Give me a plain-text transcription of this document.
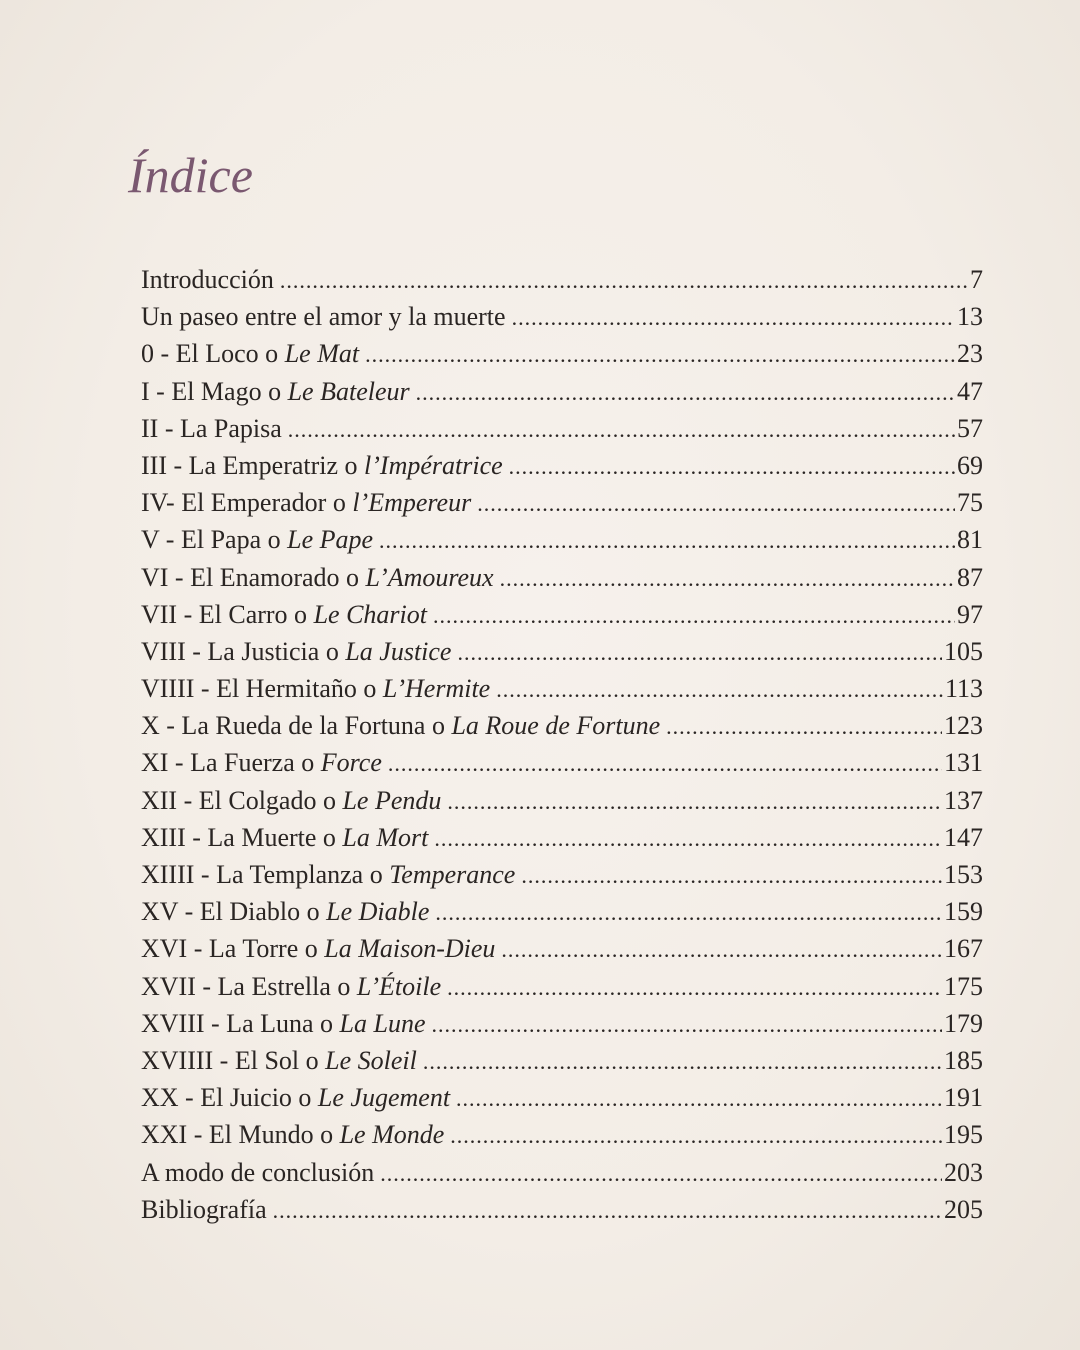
Índice
Introducción .....	7
Un paseo entre el amor y la muerte .....	13
0 - El Loco o Le Mat .....	23
I - El Mago o Le Bateleur .....	47
II - La Papisa .....	57
III - La Emperatriz o l’Impératrice .....	69
IV- El Emperador o l’Empereur .....	75
V - El Papa o Le Pape .....	81
VI - El Enamorado o L’Amoureux .....	87
VII - El Carro o Le Chariot .....	97
VIII - La Justicia o La Justice .....	105
VIIII - El Hermitaño o L’Hermite .....	113
X - La Rueda de la Fortuna o La Roue de Fortune .....	123
XI - La Fuerza o Force .....	131
XII - El Colgado o Le Pendu .....	137
XIII - La Muerte o La Mort .....	147
XIIII - La Templanza o Temperance .....	153
XV - El Diablo o Le Diable .....	159
XVI - La Torre o La Maison-Dieu .....	167
XVII - La Estrella o L’Étoile .....	175
XVIII - La Luna o La Lune .....	179
XVIIII - El Sol o Le Soleil .....	185
XX - El Juicio o Le Jugement .....	191
XXI - El Mundo o Le Monde .....	195
A modo de conclusión .....	203
Bibliografía .....	205
